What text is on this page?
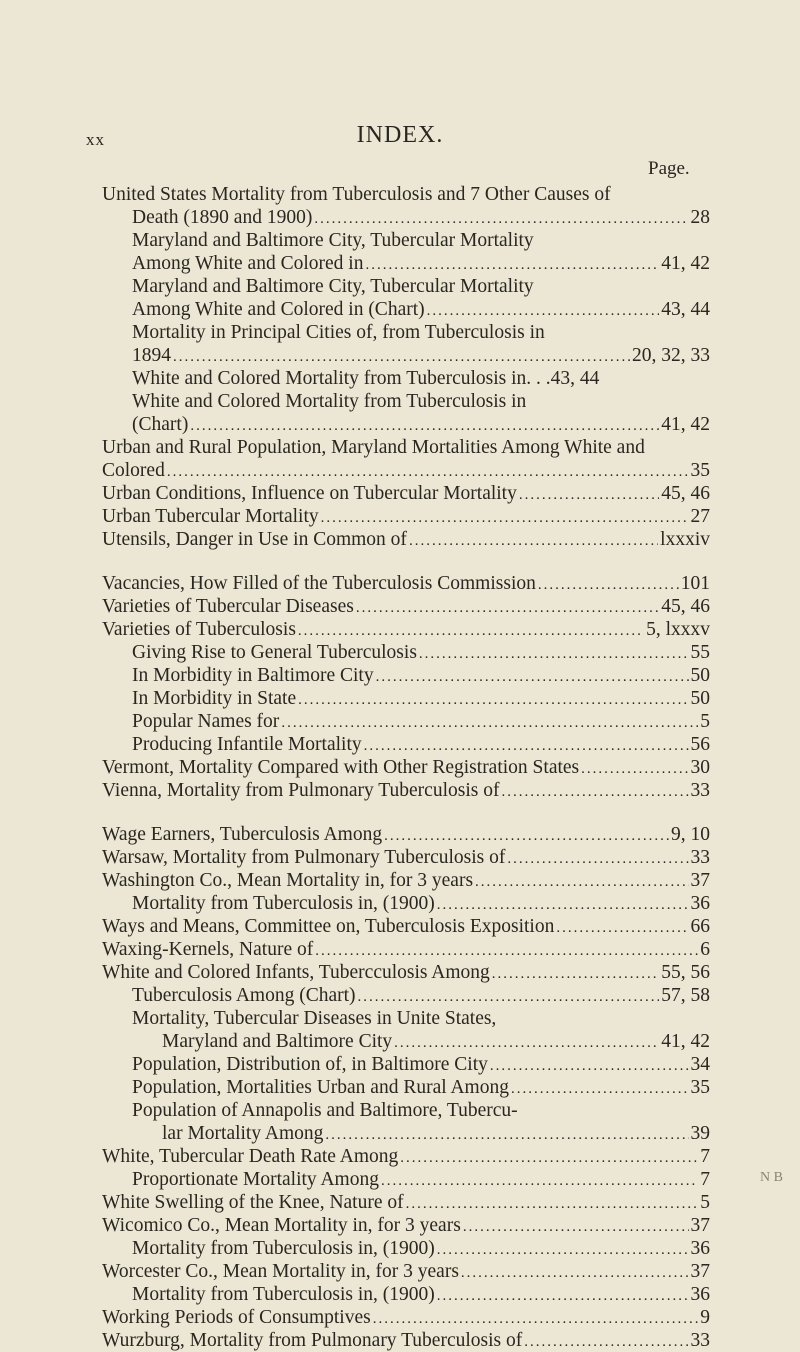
xx	INDEX.
Page.
United States Mortality from Tuberculosis and 7 Other Causes of
Death (1890 and 1900) .....	28
Maryland and Baltimore City, Tubercular Mortality
Among White and Colored in .....	41, 42
Maryland and Baltimore City, Tubercular Mortality
Among White and Colored in (Chart) .....	43, 44
Mortality in Principal Cities of, from Tuberculosis in
1894 .....	20, 32, 33
White and Colored Mortality from Tuberculosis in. . .43, 44
White and Colored Mortality from Tuberculosis in
(Chart) .....	41, 42
Urban and Rural Population, Maryland Mortalities Among White and
Colored .....	35
Urban Conditions, Influence on Tubercular Mortality .....	45, 46
Urban Tubercular Mortality .....	27
Utensils, Danger in Use in Common of .....	lxxxiv
Vacancies, How Filled of the Tuberculosis Commission .....	101
Varieties of Tubercular Diseases .....	45, 46
Varieties of Tuberculosis .....	5, lxxxv
Giving Rise to General Tuberculosis .....	55
In Morbidity in Baltimore City .....	50
In Morbidity in State .....	50
Popular Names for .....	5
Producing Infantile Mortality .....	56
Vermont, Mortality Compared with Other Registration States .....	30
Vienna, Mortality from Pulmonary Tuberculosis of .....	33
Wage Earners, Tuberculosis Among .....	9, 10
Warsaw, Mortality from Pulmonary Tuberculosis of .....	33
Washington Co., Mean Mortality in, for 3 years .....	37
Mortality from Tuberculosis in, (1900) .....	36
Ways and Means, Committee on, Tuberculosis Exposition .....	66
Waxing-Kernels, Nature of .....	6
White and Colored Infants, Tubercculosis Among .....	55, 56
Tuberculosis Among (Chart) .....	57, 58
Mortality, Tubercular Diseases in Unite States,
Maryland and Baltimore City .....	41, 42
Population, Distribution of, in Baltimore City .....	34
Population, Mortalities Urban and Rural Among .....	35
Population of Annapolis and Baltimore, Tubercu-
lar Mortality Among .....	39
White, Tubercular Death Rate Among .....	7
Proportionate Mortality Among .....	7
White Swelling of the Knee, Nature of .....	5
Wicomico Co., Mean Mortality in, for 3 years .....	37
Mortality from Tuberculosis in, (1900) .....	36
Worcester Co., Mean Mortality in, for 3 years .....	37
Mortality from Tuberculosis in, (1900) .....	36
Working Periods of Consumptives .....	9
Wurzburg, Mortality from Pulmonary Tuberculosis of .....	33
N B
